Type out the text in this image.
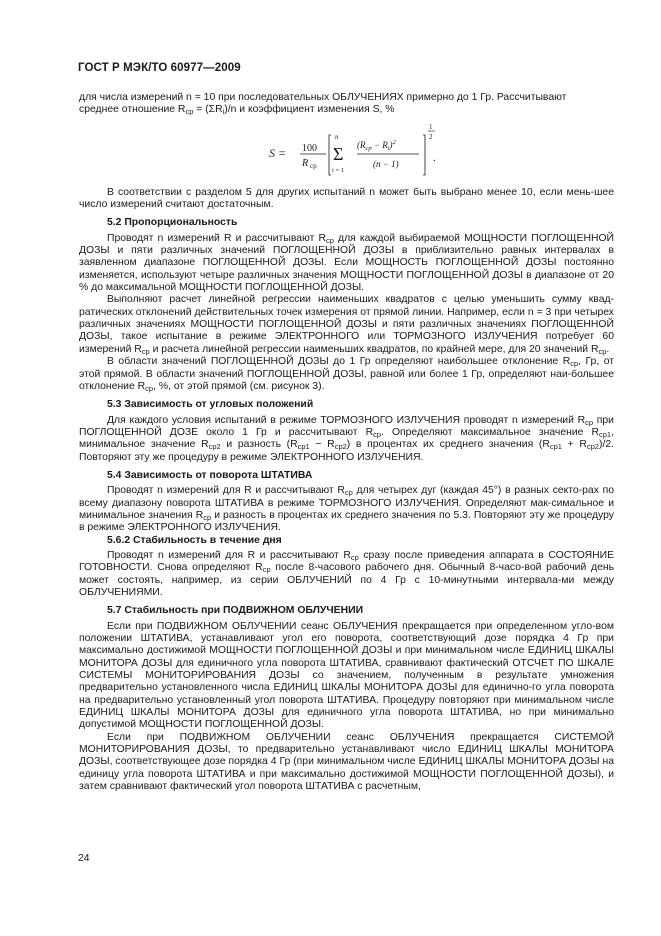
ГОСТ Р МЭК/ТО 60977—2009

для числа измерений n = 10 при последовательных ОБЛУЧЕНИЯХ примерно до 1 Гр. Рассчитывают
среднее отношение $R_{ср} = (\Sigma R_i)/n$ и коэффициент изменения S, %

S = 100
R ср
n
Σ
i = 1
$(R_{ср} - R_i)^2$
(n − 1)
1
2
.

В соответствии с разделом 5 для других испытаний n может быть выбрано менее 10, если мень-шее число измерений считают достаточным.

5.2 Пропорциональность

Проводят n измерений R и рассчитывают $R_{ср}$ для каждой выбираемой МОЩНОСТИ ПОГЛОЩЕННОЙ ДОЗЫ и пяти различных значений ПОГЛОЩЕННОЙ ДОЗЫ в приблизительно равных интервалах в заявленном диапазоне ПОГЛОЩЕННОЙ ДОЗЫ. Если МОЩНОСТЬ ПОГЛОЩЕННОЙ ДОЗЫ постоянно изменяется, используют четыре различных значения МОЩНОСТИ ПОГЛОЩЕННОЙ ДОЗЫ в диапазоне от 20 % до максимальной МОЩНОСТИ ПОГЛОЩЕННОЙ ДОЗЫ.

Выполняют расчет линейной регрессии наименьших квадратов с целью уменьшить сумму квад-ратических отклонений действительных точек измерения от прямой линии. Например, если n = 3 при четырех различных значениях МОЩНОСТИ ПОГЛОЩЕННОЙ ДОЗЫ и пяти различных значениях ПОГЛОЩЕННОЙ ДОЗЫ, такое испытание в режиме ЭЛЕКТРОННОГО или ТОРМОЗНОГО ИЗЛУЧЕНИЯ потребует 60 измерений $R_{ср}$ и расчета линейной регрессии наименьших квадратов, по крайней мере, для 20 значений $R_{ср}$.

В области значений ПОГЛОЩЕННОЙ ДОЗЫ до 1 Гр определяют наибольшее отклонение $R_{ср}$, Гр, от этой прямой. В области значений ПОГЛОЩЕННОЙ ДОЗЫ, равной или более 1 Гр, определяют наи-большее отклонение $R_{ср}$, %, от этой прямой (см. рисунок 3).

5.3 Зависимость от угловых положений

Для каждого условия испытаний в режиме ТОРМОЗНОГО ИЗЛУЧЕНИЯ проводят n измерений $R_{ср}$ при ПОГЛОЩЕННОЙ ДОЗЕ около 1 Гр и рассчитывают $R_{ср}$. Определяют максимальное значение $R_{ср1}$, минимальное значение $R_{ср2}$ и разность $(R_{ср1} - R_{ср2})$ в процентах их среднего значения $(R_{ср1} + R_{ср2})/2$. Повторяют эту же процедуру в режиме ЭЛЕКТРОННОГО ИЗЛУЧЕНИЯ.

5.4 Зависимость от поворота ШТАТИВА

Проводят n измерений для R и рассчитывают $R_{ср}$ для четырех дуг (каждая 45°) в разных секто-рах по всему диапазону поворота ШТАТИВА в режиме ТОРМОЗНОГО ИЗЛУЧЕНИЯ. Определяют мак-симальное и минимальное значения $R_{ср}$ и разность в процентах их среднего значения по 5.3. Повторяют эту же процедуру в режиме ЭЛЕКТРОННОГО ИЗЛУЧЕНИЯ.

5.6.2 Стабильность в течение дня

Проводят n измерений для R и рассчитывают $R_{ср}$ сразу после приведения аппарата в СОСТОЯНИЕ ГОТОВНОСТИ. Снова определяют $R_{ср}$ после 8-часового рабочего дня. Обычный 8-часо-вой рабочий день может состоять, например, из серии ОБЛУЧЕНИЙ по 4 Гр с 10-минутными интервала-ми между ОБЛУЧЕНИЯМИ.

5.7 Стабильность при ПОДВИЖНОМ ОБЛУЧЕНИИ

Если при ПОДВИЖНОМ ОБЛУЧЕНИИ сеанс ОБЛУЧЕНИЯ прекращается при определенном угло-вом положении ШТАТИВА, устанавливают угол его поворота, соответствующий дозе порядка 4 Гр при максимально достижимой МОЩНОСТИ ПОГЛОЩЕННОЙ ДОЗЫ и при минимальном числе ЕДИНИЦ ШКАЛЫ МОНИТОРА ДОЗЫ для единичного угла поворота ШТАТИВА, сравнивают фактический ОТСЧЕТ ПО ШКАЛЕ СИСТЕМЫ МОНИТОРИРОВАНИЯ ДОЗЫ со значением, полученным в результате умножения предварительно установленного числа ЕДИНИЦ ШКАЛЫ МОНИТОРА ДОЗЫ для единично-го угла поворота на предварительно установленный угол поворота ШТАТИВА. Процедуру повторяют при минимальном числе ЕДИНИЦ ШКАЛЫ МОНИТОРА ДОЗЫ для единичного угла поворота ШТАТИВА, но при минимально допустимой МОЩНОСТИ ПОГЛОЩЕННОЙ ДОЗЫ.

Если при ПОДВИЖНОМ ОБЛУЧЕНИИ сеанс ОБЛУЧЕНИЯ прекращается СИСТЕМОЙ МОНИТОРИРОВАНИЯ ДОЗЫ, то предварительно устанавливают число ЕДИНИЦ ШКАЛЫ МОНИТОРА ДОЗЫ, соответствующее дозе порядка 4 Гр (при минимальном числе ЕДИНИЦ ШКАЛЫ МОНИТОРА ДОЗЫ на единицу угла поворота ШТАТИВА и при максимально достижимой МОЩНОСТИ ПОГЛОЩЕННОЙ ДОЗЫ), и затем сравнивают фактический угол поворота ШТАТИВА с расчетным,

24
